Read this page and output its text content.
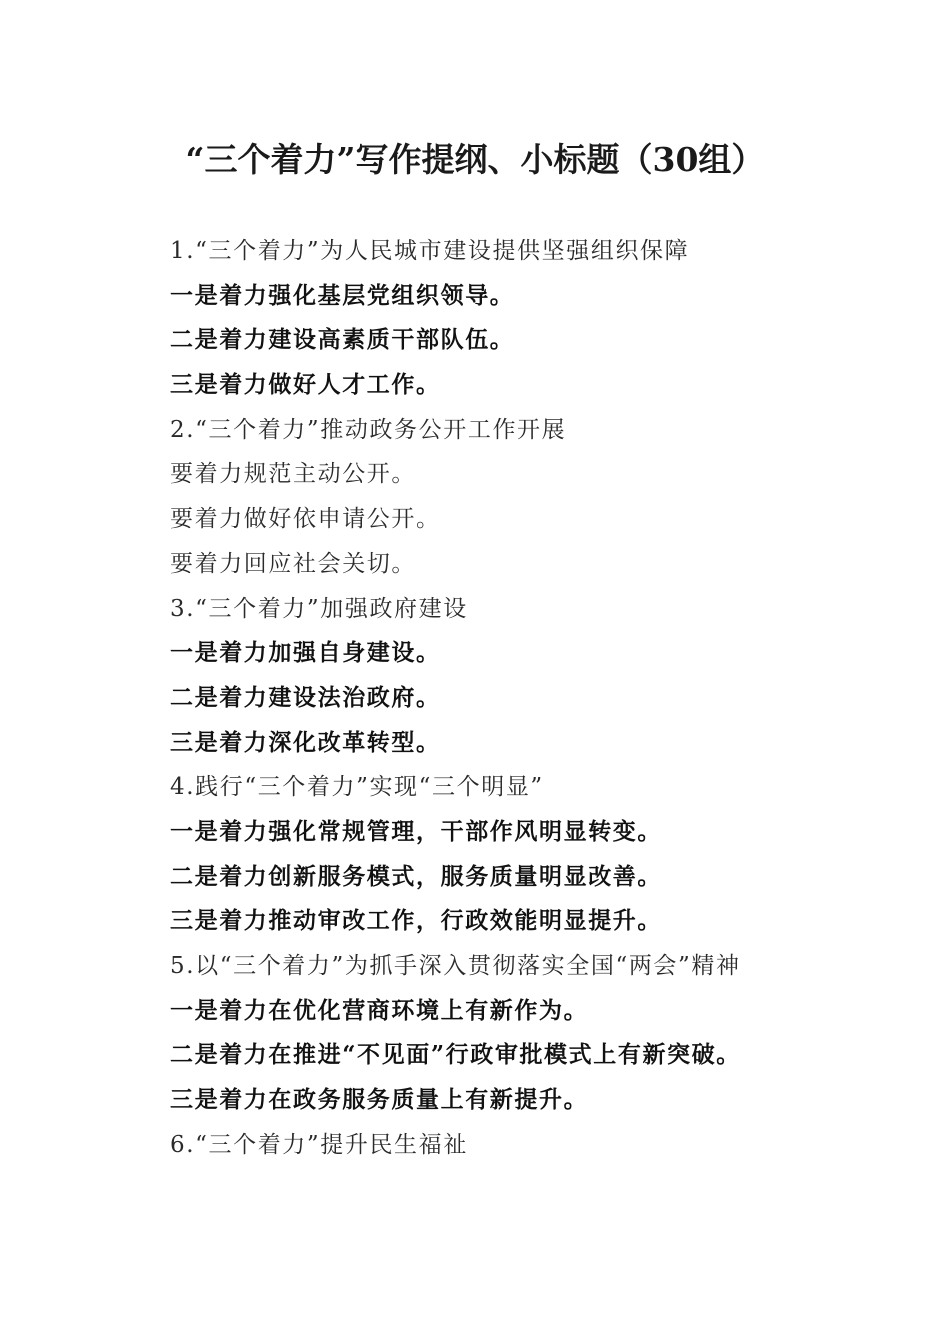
“三个着力”写作提纲、小标题（30组）
1.“三个着力”为人民城市建设提供坚强组织保障
一是着力强化基层党组织领导。
二是着力建设高素质干部队伍。
三是着力做好人才工作。
2.“三个着力”推动政务公开工作开展
要着力规范主动公开。
要着力做好依申请公开。
要着力回应社会关切。
3.“三个着力”加强政府建设
一是着力加强自身建设。
二是着力建设法治政府。
三是着力深化改革转型。
4.践行“三个着力”实现“三个明显”
一是着力强化常规管理，干部作风明显转变。
二是着力创新服务模式，服务质量明显改善。
三是着力推动审改工作，行政效能明显提升。
5.以“三个着力”为抓手深入贯彻落实全国“两会”精神
一是着力在优化营商环境上有新作为。
二是着力在推进“不见面”行政审批模式上有新突破。
三是着力在政务服务质量上有新提升。
6.“三个着力”提升民生福祉
